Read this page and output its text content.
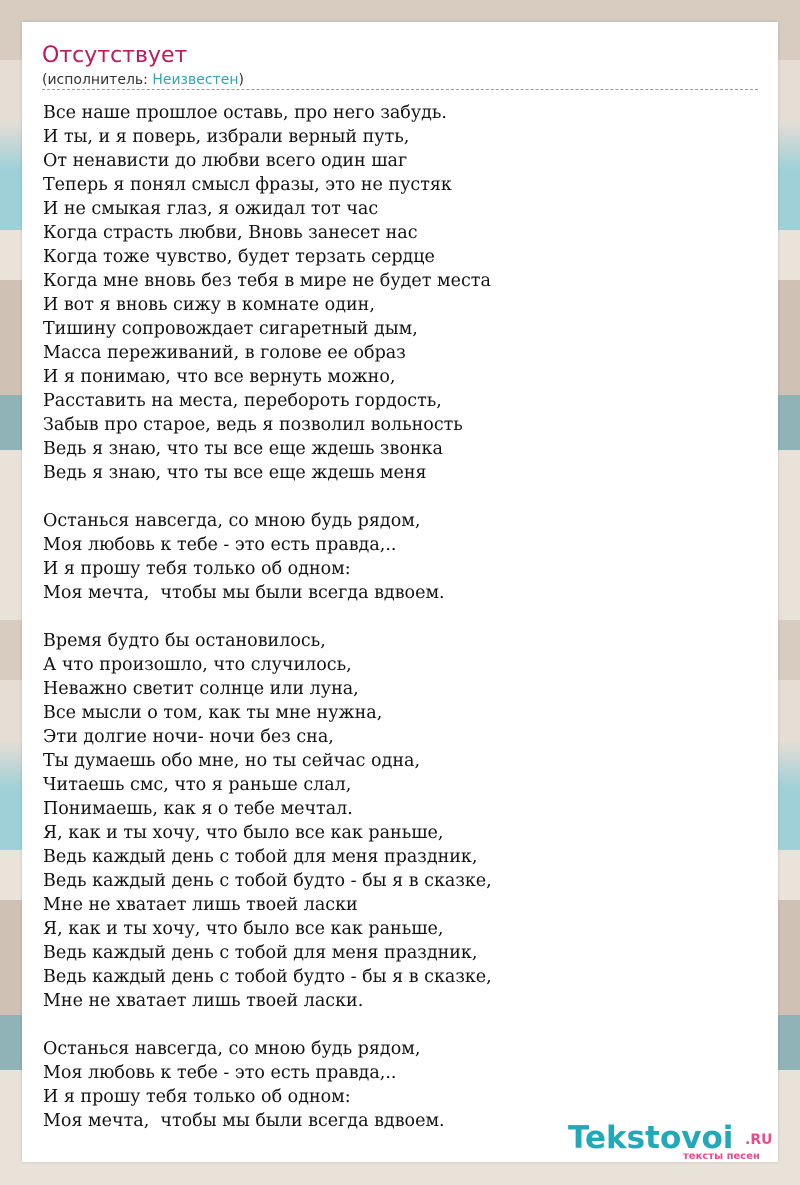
Отсутствует
(исполнитель: Неизвестен)
Все наше прошлое оставь, про него забудь.
И ты, и я поверь, избрали верный путь,
От ненависти до любви всего один шаг
Теперь я понял смысл фразы, это не пустяк
И не смыкая глаз, я ожидал тот час
Когда страсть любви, Вновь занесет нас
Когда тоже чувство, будет терзать сердце
Когда мне вновь без тебя в мире не будет места
И вот я вновь сижу в комнате один,
Тишину сопровождает сигаретный дым,
Масса переживаний, в голове ее образ
И я понимаю, что все вернуть можно,
Расставить на места, перебороть гордость,
Забыв про старое, ведь я позволил вольность
Ведь я знаю, что ты все еще ждешь звонка
Ведь я знаю, что ты все еще ждешь меня
Останься навсегда, со мною будь рядом,
Моя любовь к тебе - это есть правда,..
И я прошу тебя только об одном:
Моя мечта,  чтобы мы были всегда вдвоем.
Время будто бы остановилось,
А что произошло, что случилось,
Неважно светит солнце или луна,
Все мысли о том, как ты мне нужна,
Эти долгие ночи- ночи без сна,
Ты думаешь обо мне, но ты сейчас одна,
Читаешь смс, что я раньше слал,
Понимаешь, как я о тебе мечтал.
Я, как и ты хочу, что было все как раньше,
Ведь каждый день с тобой для меня праздник,
Ведь каждый день с тобой будто - бы я в сказке,
Мне не хватает лишь твоей ласки
Я, как и ты хочу, что было все как раньше,
Ведь каждый день с тобой для меня праздник,
Ведь каждый день с тобой будто - бы я в сказке,
Мне не хватает лишь твоей ласки.
Останься навсегда, со мною будь рядом,
Моя любовь к тебе - это есть правда,..
И я прошу тебя только об одном:
Моя мечта,  чтобы мы были всегда вдвоем.	Tekstovoi .RU
тексты песен
